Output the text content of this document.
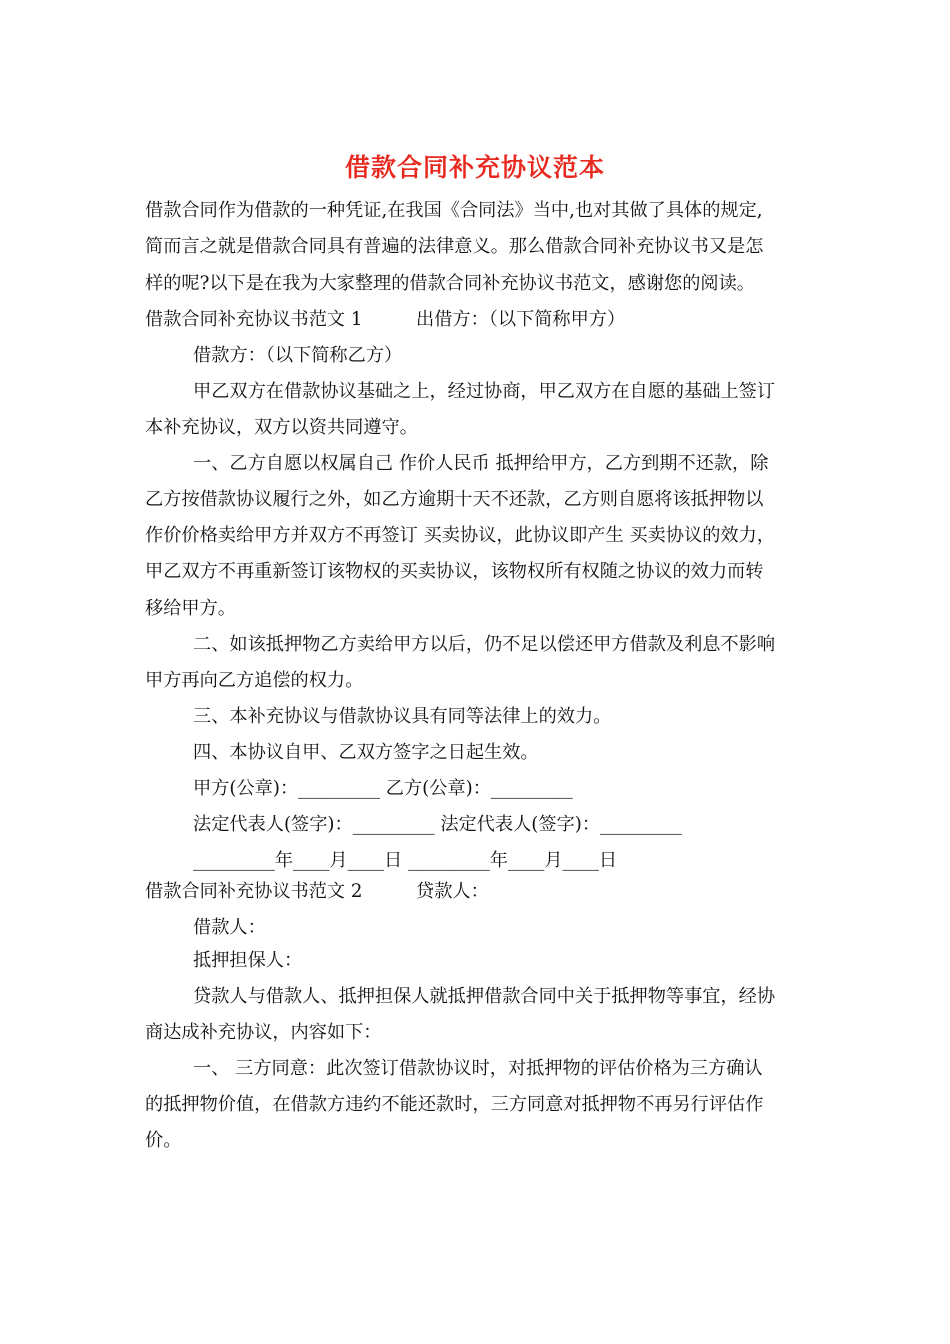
借款合同补充协议范本
借款合同作为借款的一种凭证,在我国《合同法》当中,也对其做了具体的规定,
简而言之就是借款合同具有普遍的法律意义。那么借款合同补充协议书又是怎
样的呢?以下是在我为大家整理的借款合同补充协议书范文，感谢您的阅读。
借款合同补充协议书范文 1	出借方：（以下简称甲方）
借款方：（以下简称乙方）
甲乙双方在借款协议基础之上，经过协商，甲乙双方在自愿的基础上签订
本补充协议，双方以资共同遵守。
一、乙方自愿以权属自己 作价人民币 抵押给甲方，乙方到期不还款，除
乙方按借款协议履行之外，如乙方逾期十天不还款，乙方则自愿将该抵押物以
作价价格卖给甲方并双方不再签订 买卖协议，此协议即产生 买卖协议的效力，
甲乙双方不再重新签订该物权的买卖协议，该物权所有权随之协议的效力而转
移给甲方。
二、如该抵押物乙方卖给甲方以后，仍不足以偿还甲方借款及利息不影响
甲方再向乙方追偿的权力。
三、本补充协议与借款协议具有同等法律上的效力。
四、本协议自甲、乙双方签字之日起生效。
甲方(公章)：_________ 乙方(公章)：_________
法定代表人(签字)：_________ 法定代表人(签字)：_________
_________年____月____日 _________年____月____日
借款合同补充协议书范文 2	贷款人：
借款人：
抵押担保人：
贷款人与借款人、抵押担保人就抵押借款合同中关于抵押物等事宜，经协
商达成补充协议，内容如下：
一、 三方同意：此次签订借款协议时，对抵押物的评估价格为三方确认
的抵押物价值，在借款方违约不能还款时，三方同意对抵押物不再另行评估作
价。
